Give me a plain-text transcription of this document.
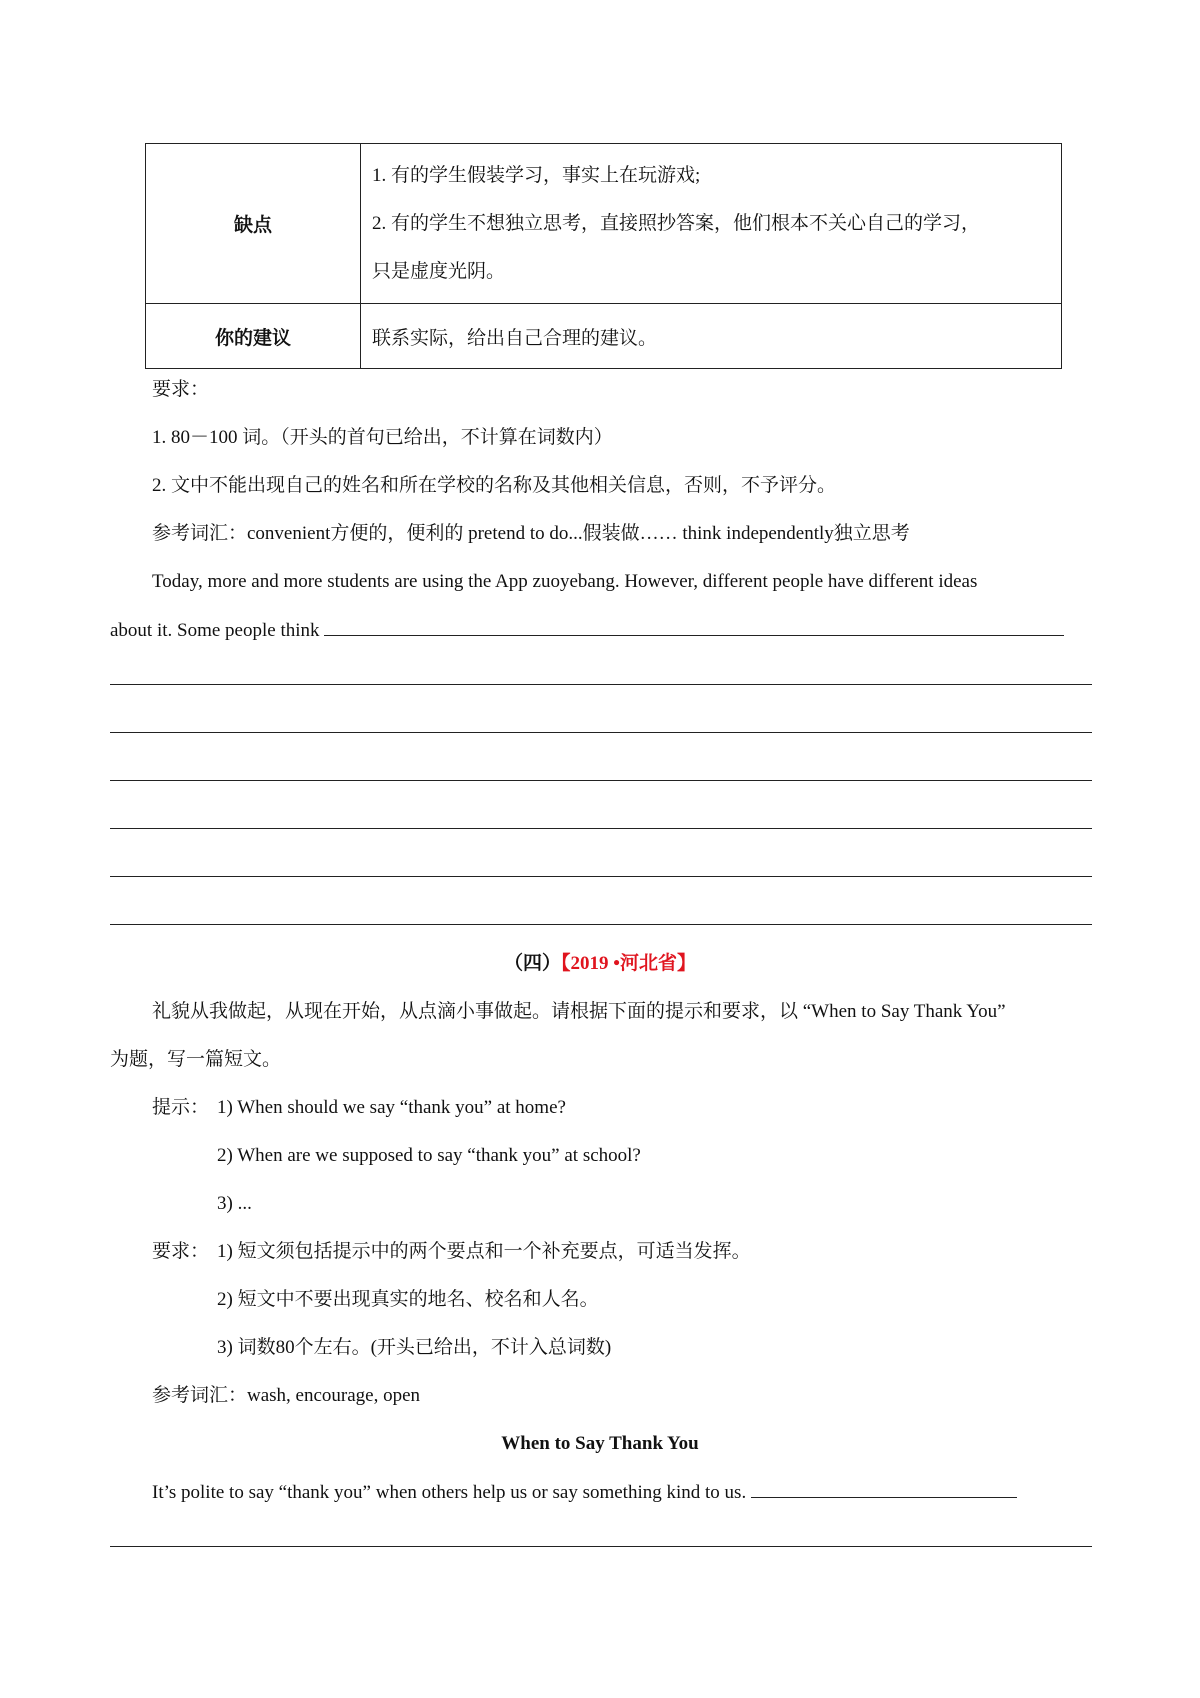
缺点	1. 有的学生假装学习，事实上在玩游戏;
2. 有的学生不想独立思考，直接照抄答案，他们根本不关心自己的学习，
只是虚度光阴。

你的建议	联系实际，给出自己合理的建议。
要求：
1. 80－100 词。（开头的首句已给出，不计算在词数内）
2. 文中不能出现自己的姓名和所在学校的名称及其他相关信息，否则，不予评分。
参考词汇：convenient方便的，便利的 pretend to do...假装做…… think independently独立思考
Today, more and more students are using the App zuoyebang. However, different people have different ideas
about it. Some people think
（四）【2019 •河北省】
礼貌从我做起，从现在开始，从点滴小事做起。请根据下面的提示和要求，以 “When to Say Thank You”
为题，写一篇短文。
提示： 1) When should we say “thank you” at home?
2) When are we supposed to say “thank you” at school?
3) ...
要求： 1) 短文须包括提示中的两个要点和一个补充要点，可适当发挥。
2) 短文中不要出现真实的地名、校名和人名。
3) 词数80个左右。(开头已给出，不计入总词数)
参考词汇：wash, encourage, open
When to Say Thank You
It’s polite to say “thank you” when others help us or say something kind to us.
